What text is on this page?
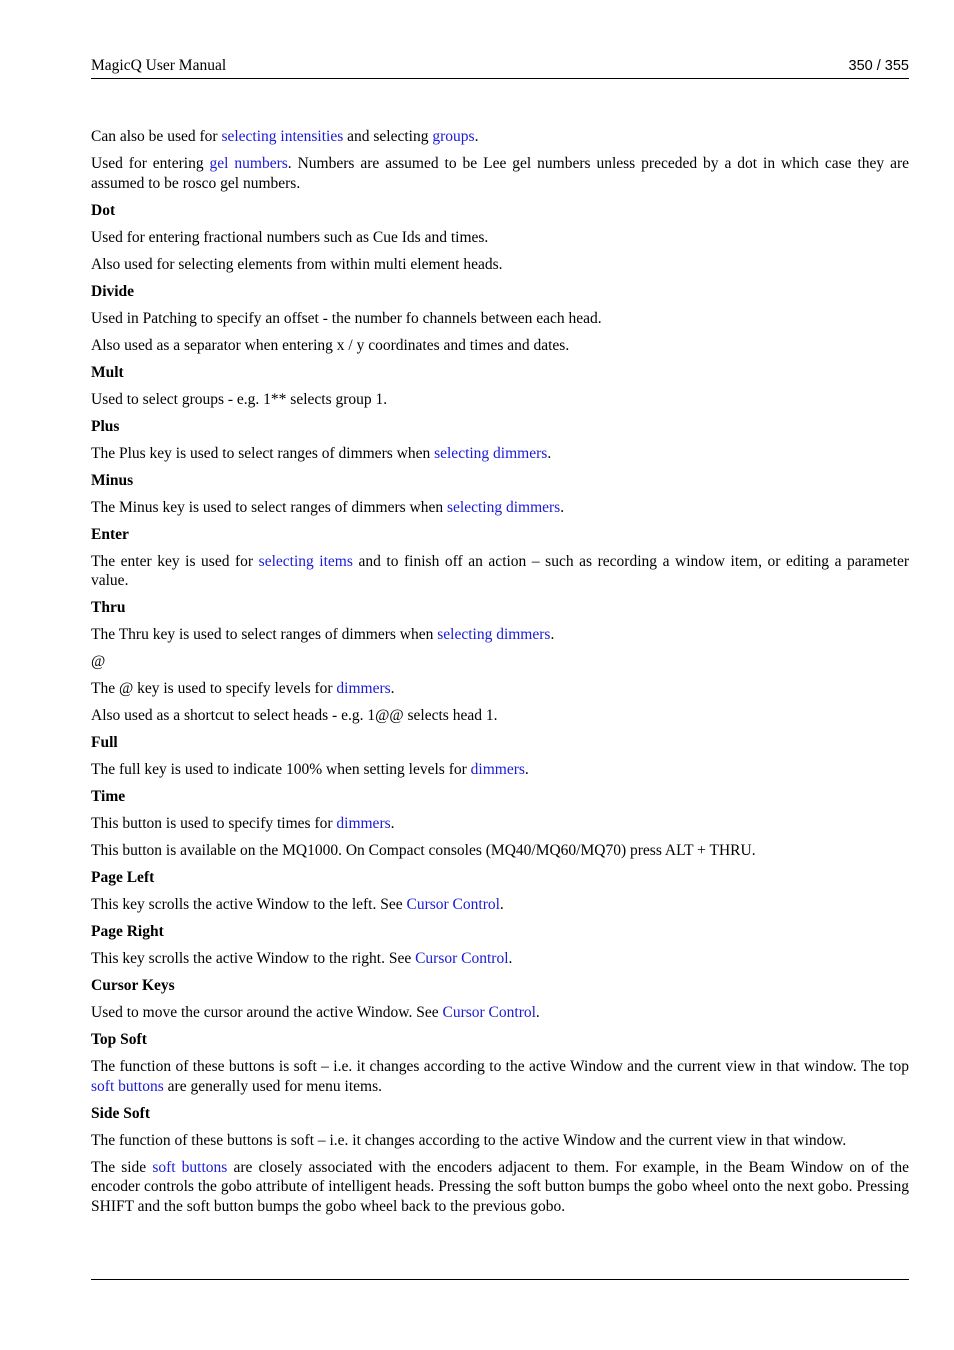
MagicQ User Manual	350 / 355

Can also be used for selecting intensities and selecting groups.

Used for entering gel numbers. Numbers are assumed to be Lee gel numbers unless preceded by a dot in which case they are assumed to be rosco gel numbers.

Dot

Used for entering fractional numbers such as Cue Ids and times.

Also used for selecting elements from within multi element heads.

Divide

Used in Patching to specify an offset - the number fo channels between each head.

Also used as a separator when entering x / y coordinates and times and dates.

Mult

Used to select groups - e.g. 1** selects group 1.

Plus

The Plus key is used to select ranges of dimmers when selecting dimmers.

Minus

The Minus key is used to select ranges of dimmers when selecting dimmers.

Enter

The enter key is used for selecting items and to finish off an action – such as recording a window item, or editing a parameter value.

Thru

The Thru key is used to select ranges of dimmers when selecting dimmers.

@

The @ key is used to specify levels for dimmers.

Also used as a shortcut to select heads - e.g. 1@@ selects head 1.

Full

The full key is used to indicate 100% when setting levels for dimmers.

Time

This button is used to specify times for dimmers.

This button is available on the MQ1000. On Compact consoles (MQ40/MQ60/MQ70) press ALT + THRU.

Page Left

This key scrolls the active Window to the left. See Cursor Control.

Page Right

This key scrolls the active Window to the right. See Cursor Control.

Cursor Keys

Used to move the cursor around the active Window. See Cursor Control.

Top Soft

The function of these buttons is soft – i.e. it changes according to the active Window and the current view in that window. The top soft buttons are generally used for menu items.

Side Soft

The function of these buttons is soft – i.e. it changes according to the active Window and the current view in that window.

The side soft buttons are closely associated with the encoders adjacent to them. For example, in the Beam Window on of the encoder controls the gobo attribute of intelligent heads. Pressing the soft button bumps the gobo wheel onto the next gobo. Pressing SHIFT and the soft button bumps the gobo wheel back to the previous gobo.
